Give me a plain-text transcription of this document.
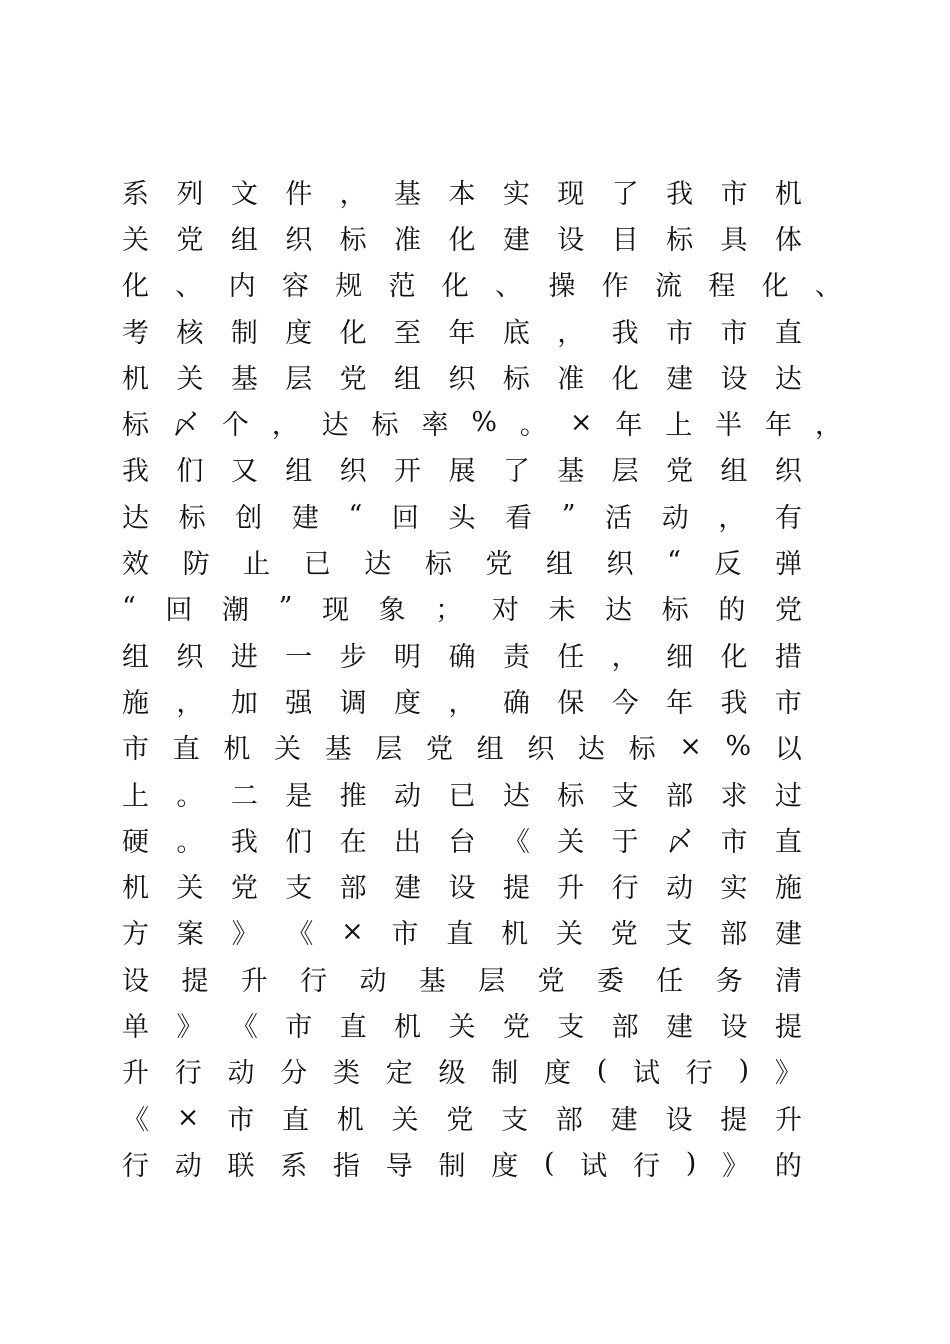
系 列 文 件 ， 基 本 实 现 了 我 市 机
关 党 组 织 标 准 化 建 设 目 标 具 体
化 、 内 容 规 范 化 、 操 作 流 程 化 、
考 核 制 度 化 至 年 底 ， 我 市 市 直
机 关 基 层 党 组 织 标 准 化 建 设 达
标 〆 个 ， 达 标 率 % 。 × 年 上 半 年 ，
我 们 又 组 织 开 展 了 基 层 党 组 织
达 标 创 建 “ 回 头 看 ” 活 动 ， 有
效 防 止 已 达 标 党 组 织 “ 反 弹
“ 回 潮 ” 现 象 ； 对 未 达 标 的 党
组 织 进 一 步 明 确 责 任 ， 细 化 措
施 ， 加 强 调 度 ， 确 保 今 年 我 市
市 直 机 关 基 层 党 组 织 达 标 × % 以
上 。 二 是 推 动 已 达 标 支 部 求 过
硬 。 我 们 在 出 台 《 关 于 〆 市 直
机 关 党 支 部 建 设 提 升 行 动 实 施
方 案 》 《 × 市 直 机 关 党 支 部 建
设 提 升 行 动 基 层 党 委 任 务 清
单 》 《 市 直 机 关 党 支 部 建 设 提
升 行 动 分 类 定 级 制 度 ( 试 行 ) 》
《 × 市 直 机 关 党 支 部 建 设 提 升
行 动 联 系 指 导 制 度 ( 试 行 ) 》 的
